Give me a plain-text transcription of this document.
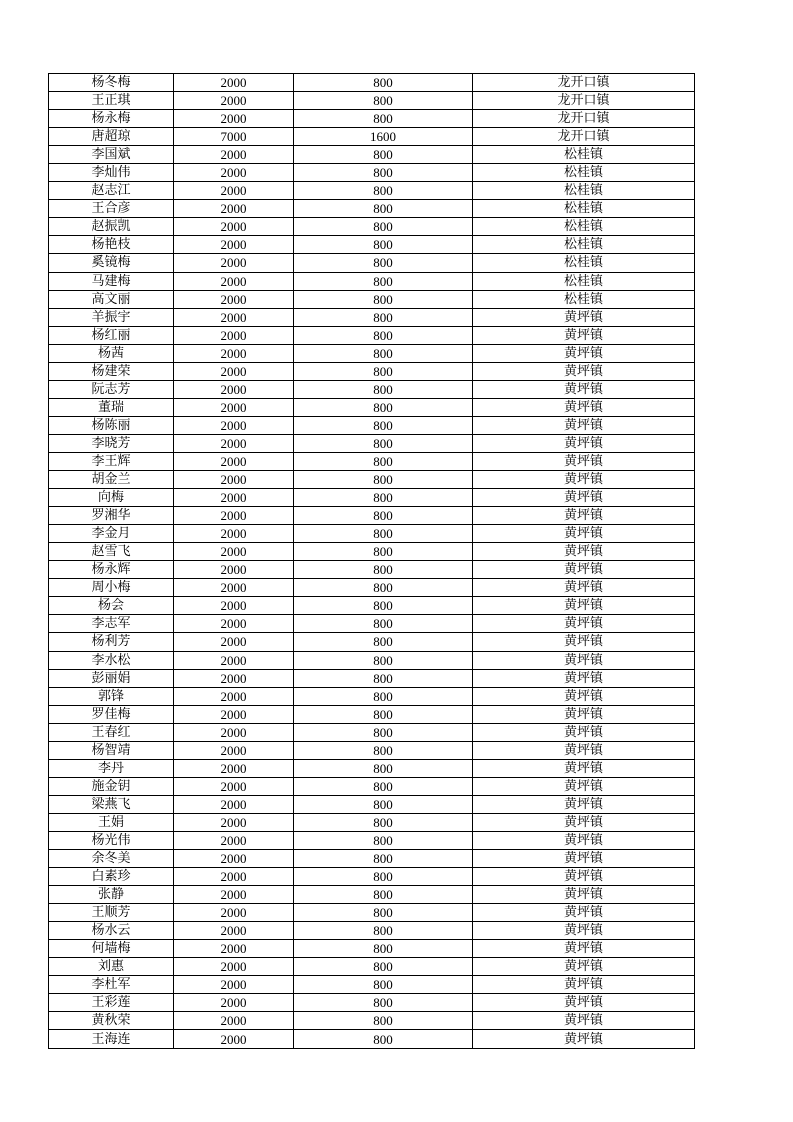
杨冬梅	2000	800	龙开口镇
王正琪	2000	800	龙开口镇
杨永梅	2000	800	龙开口镇
唐超琼	7000	1600	龙开口镇
李国斌	2000	800	松桂镇
李灿伟	2000	800	松桂镇
赵志江	2000	800	松桂镇
王合彦	2000	800	松桂镇
赵振凯	2000	800	松桂镇
杨艳枝	2000	800	松桂镇
奚镜梅	2000	800	松桂镇
马建梅	2000	800	松桂镇
高文丽	2000	800	松桂镇
羊振宇	2000	800	黄坪镇
杨红丽	2000	800	黄坪镇
杨茜	2000	800	黄坪镇
杨建荣	2000	800	黄坪镇
阮志芳	2000	800	黄坪镇
董瑞	2000	800	黄坪镇
杨陈丽	2000	800	黄坪镇
李晓芳	2000	800	黄坪镇
李王辉	2000	800	黄坪镇
胡金兰	2000	800	黄坪镇
向梅	2000	800	黄坪镇
罗湘华	2000	800	黄坪镇
李金月	2000	800	黄坪镇
赵雪飞	2000	800	黄坪镇
杨永辉	2000	800	黄坪镇
周小梅	2000	800	黄坪镇
杨会	2000	800	黄坪镇
李志军	2000	800	黄坪镇
杨利芳	2000	800	黄坪镇
李水松	2000	800	黄坪镇
彭丽娟	2000	800	黄坪镇
郭锋	2000	800	黄坪镇
罗佳梅	2000	800	黄坪镇
王春红	2000	800	黄坪镇
杨智靖	2000	800	黄坪镇
李丹	2000	800	黄坪镇
施金钥	2000	800	黄坪镇
梁燕飞	2000	800	黄坪镇
王娟	2000	800	黄坪镇
杨光伟	2000	800	黄坪镇
余冬美	2000	800	黄坪镇
白素珍	2000	800	黄坪镇
张静	2000	800	黄坪镇
王顺芳	2000	800	黄坪镇
杨水云	2000	800	黄坪镇
何墙梅	2000	800	黄坪镇
刘惠	2000	800	黄坪镇
李杜军	2000	800	黄坪镇
王彩莲	2000	800	黄坪镇
黄秋荣	2000	800	黄坪镇
王海连	2000	800	黄坪镇
